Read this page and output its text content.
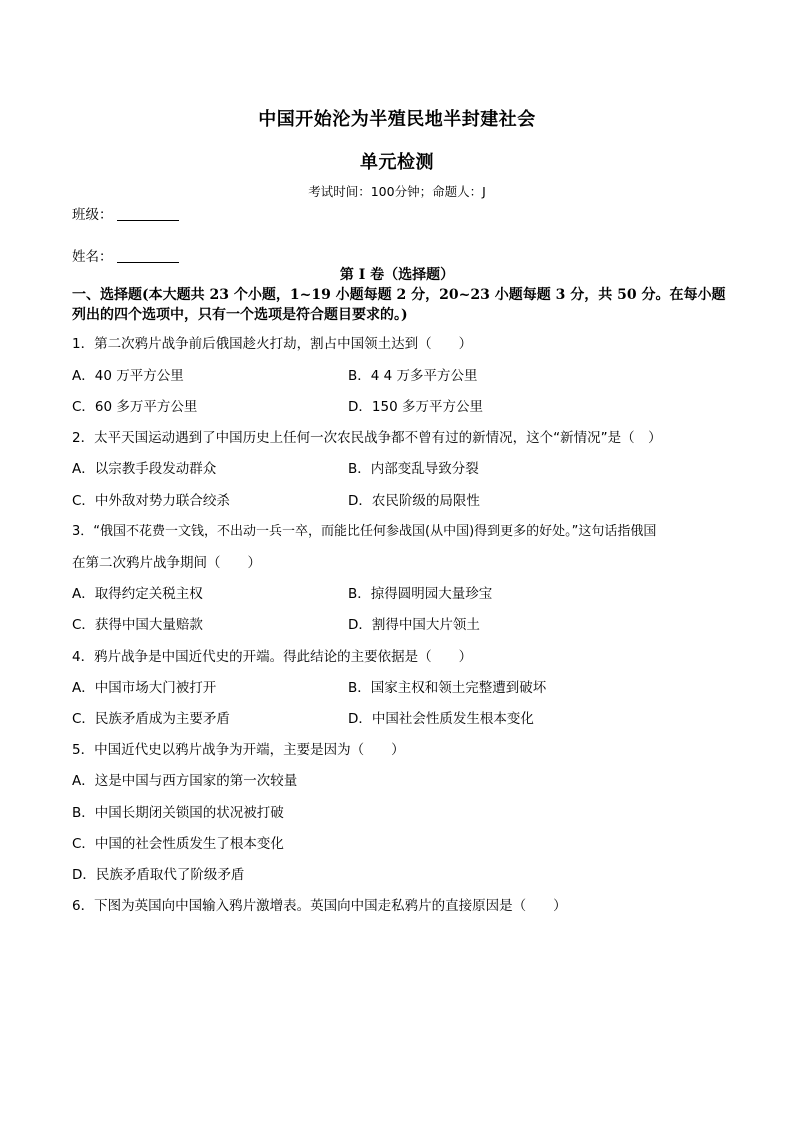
中国开始沦为半殖民地半封建社会
单元检测
考试时间：100分钟；命题人：J
班级：
姓名：
第 I 卷（选择题）
一、选择题(本大题共 23 个小题，1~19 小题每题 2 分，20~23 小题每题 3 分，共 50 分。在每小题列出的四个选项中，只有一个选项是符合题目要求的。)
1．第二次鸦片战争前后俄国趁火打劫，割占中国领土达到（　　）
A．40 万平方公里	B．4 4 万多平方公里
C．60 多万平方公里	D．150 多万平方公里
2．太平天国运动遇到了中国历史上任何一次农民战争都不曾有过的新情况，这个“新情况”是（　）
A．以宗教手段发动群众	B．内部变乱导致分裂
C．中外敌对势力联合绞杀	D．农民阶级的局限性
3．“俄国不花费一文钱，不出动一兵一卒，而能比任何参战国(从中国)得到更多的好处。”这句话指俄国
在第二次鸦片战争期间（　　）
A．取得约定关税主权	B．掠得圆明园大量珍宝
C．获得中国大量赔款	D．割得中国大片领土
4．鸦片战争是中国近代史的开端。得此结论的主要依据是（　　）
A．中国市场大门被打开	B．国家主权和领土完整遭到破坏
C．民族矛盾成为主要矛盾	D．中国社会性质发生根本变化
5．中国近代史以鸦片战争为开端，主要是因为（　　）
A．这是中国与西方国家的第一次较量
B．中国长期闭关锁国的状况被打破
C．中国的社会性质发生了根本变化
D．民族矛盾取代了阶级矛盾
6．下图为英国向中国输入鸦片激增表。英国向中国走私鸦片的直接原因是（　　）
